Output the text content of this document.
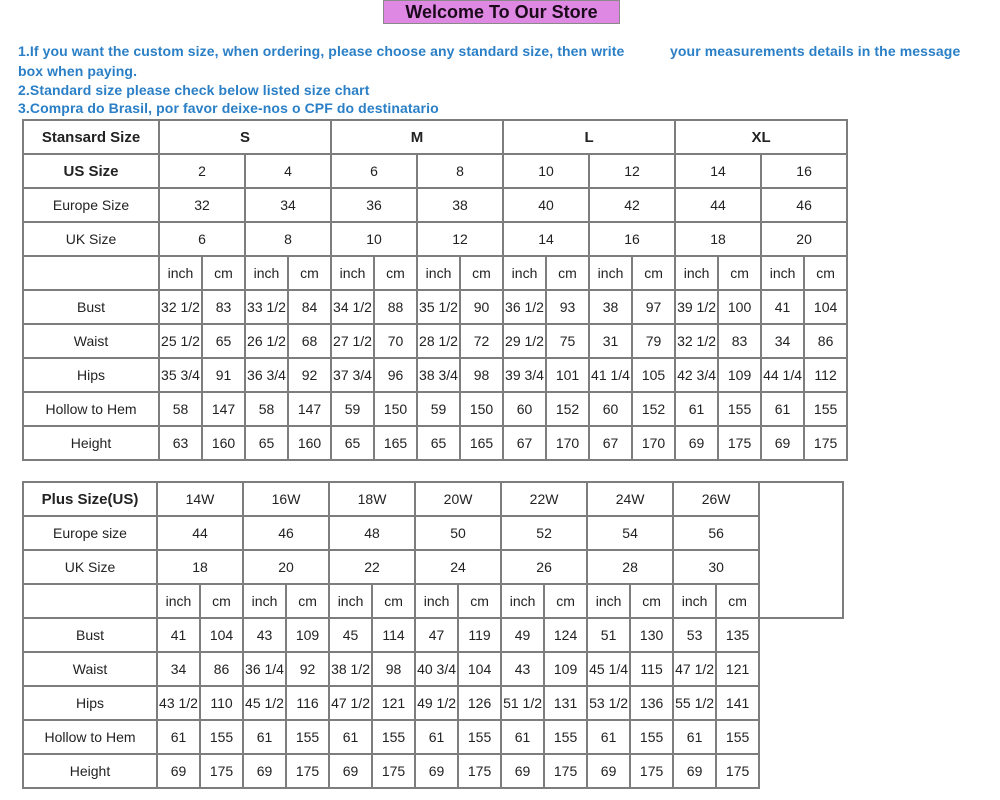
Welcome To Our Store
1.If you want the custom size, when ordering, please choose any standard size, then write	your measurements details in the message
box when paying.
2.Standard size please check below listed size chart
3.Compra do Brasil, por favor deixe-nos o CPF do destinatario
Stansard Size	S				M				L				XL			
US Size	2		4		6		8		10		12		14		16	
Europe Size	32		34		36		38		40		42		44		46	
UK Size	6		8		10		12		14		16		18		20	
	inch	cm	inch	cm	inch	cm	inch	cm	inch	cm	inch	cm	inch	cm	inch	cm
Bust	32 1/2	83	33 1/2	84	34 1/2	88	35 1/2	90	36 1/2	93	38	97	39 1/2	100	41	104
Waist	25 1/2	65	26 1/2	68	27 1/2	70	28 1/2	72	29 1/2	75	31	79	32 1/2	83	34	86
Hips	35 3/4	91	36 3/4	92	37 3/4	96	38 3/4	98	39 3/4	101	41 1/4	105	42 3/4	109	44 1/4	112
Hollow to Hem	58	147	58	147	59	150	59	150	60	152	60	152	61	155	61	155
Height	63	160	65	160	65	165	65	165	67	170	67	170	69	175	69	175
Plus Size(US)	14W		16W		18W		20W		22W		24W		26W		
Europe size	44		46		48		50		52		54		56		
UK Size	18		20		22		24		26		28		30		
	inch	cm	inch	cm	inch	cm	inch	cm	inch	cm	inch	cm	inch	cm	
Bust	41	104	43	109	45	114	47	119	49	124	51	130	53	135	
Waist	34	86	36 1/4	92	38 1/2	98	40 3/4	104	43	109	45 1/4	115	47 1/2	121	
Hips	43 1/2	110	45 1/2	116	47 1/2	121	49 1/2	126	51 1/2	131	53 1/2	136	55 1/2	141	
Hollow to Hem	61	155	61	155	61	155	61	155	61	155	61	155	61	155	
Height	69	175	69	175	69	175	69	175	69	175	69	175	69	175	
